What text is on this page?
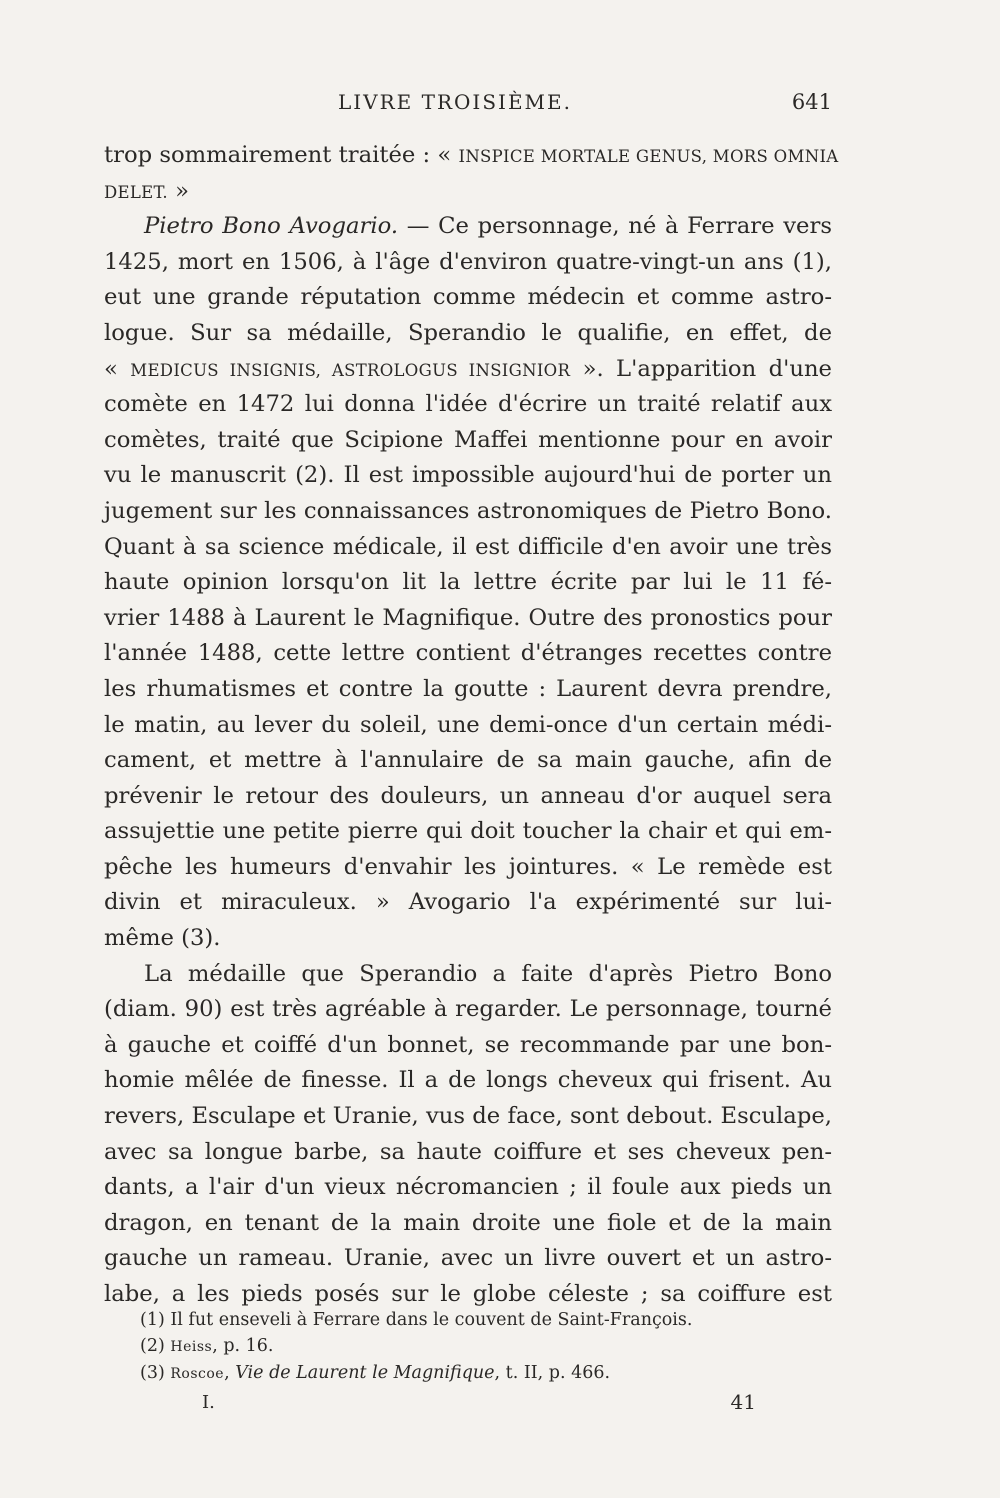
LIVRE TROISIÈME.	641
trop sommairement traitée : « INSPICE MORTALE GENUS, MORS OMNIA
DELET. »
Pietro Bono Avogario. — Ce personnage, né à Ferrare vers
1425, mort en 1506, à l'âge d'environ quatre-vingt-un ans (1),
eut une grande réputation comme médecin et comme astro-
logue. Sur sa médaille, Sperandio le qualifie, en effet, de
« MEDICUS INSIGNIS, ASTROLOGUS INSIGNIOR ». L'apparition d'une
comète en 1472 lui donna l'idée d'écrire un traité relatif aux
comètes, traité que Scipione Maffei mentionne pour en avoir
vu le manuscrit (2). Il est impossible aujourd'hui de porter un
jugement sur les connaissances astronomiques de Pietro Bono.
Quant à sa science médicale, il est difficile d'en avoir une très
haute opinion lorsqu'on lit la lettre écrite par lui le 11 fé-
vrier 1488 à Laurent le Magnifique. Outre des pronostics pour
l'année 1488, cette lettre contient d'étranges recettes contre
les rhumatismes et contre la goutte : Laurent devra prendre,
le matin, au lever du soleil, une demi-once d'un certain médi-
cament, et mettre à l'annulaire de sa main gauche, afin de
prévenir le retour des douleurs, un anneau d'or auquel sera
assujettie une petite pierre qui doit toucher la chair et qui em-
pêche les humeurs d'envahir les jointures. « Le remède est
divin et miraculeux. » Avogario l'a expérimenté sur lui-
même (3).
La médaille que Sperandio a faite d'après Pietro Bono
(diam. 90) est très agréable à regarder. Le personnage, tourné
à gauche et coiffé d'un bonnet, se recommande par une bon-
homie mêlée de finesse. Il a de longs cheveux qui frisent. Au
revers, Esculape et Uranie, vus de face, sont debout. Esculape,
avec sa longue barbe, sa haute coiffure et ses cheveux pen-
dants, a l'air d'un vieux nécromancien ; il foule aux pieds un
dragon, en tenant de la main droite une fiole et de la main
gauche un rameau. Uranie, avec un livre ouvert et un astro-
labe, a les pieds posés sur le globe céleste ; sa coiffure est
(1) Il fut enseveli à Ferrare dans le couvent de Saint-François.
(2) Heiss, p. 16.
(3) Roscoe, Vie de Laurent le Magnifique, t. II, p. 466.
I.	41
